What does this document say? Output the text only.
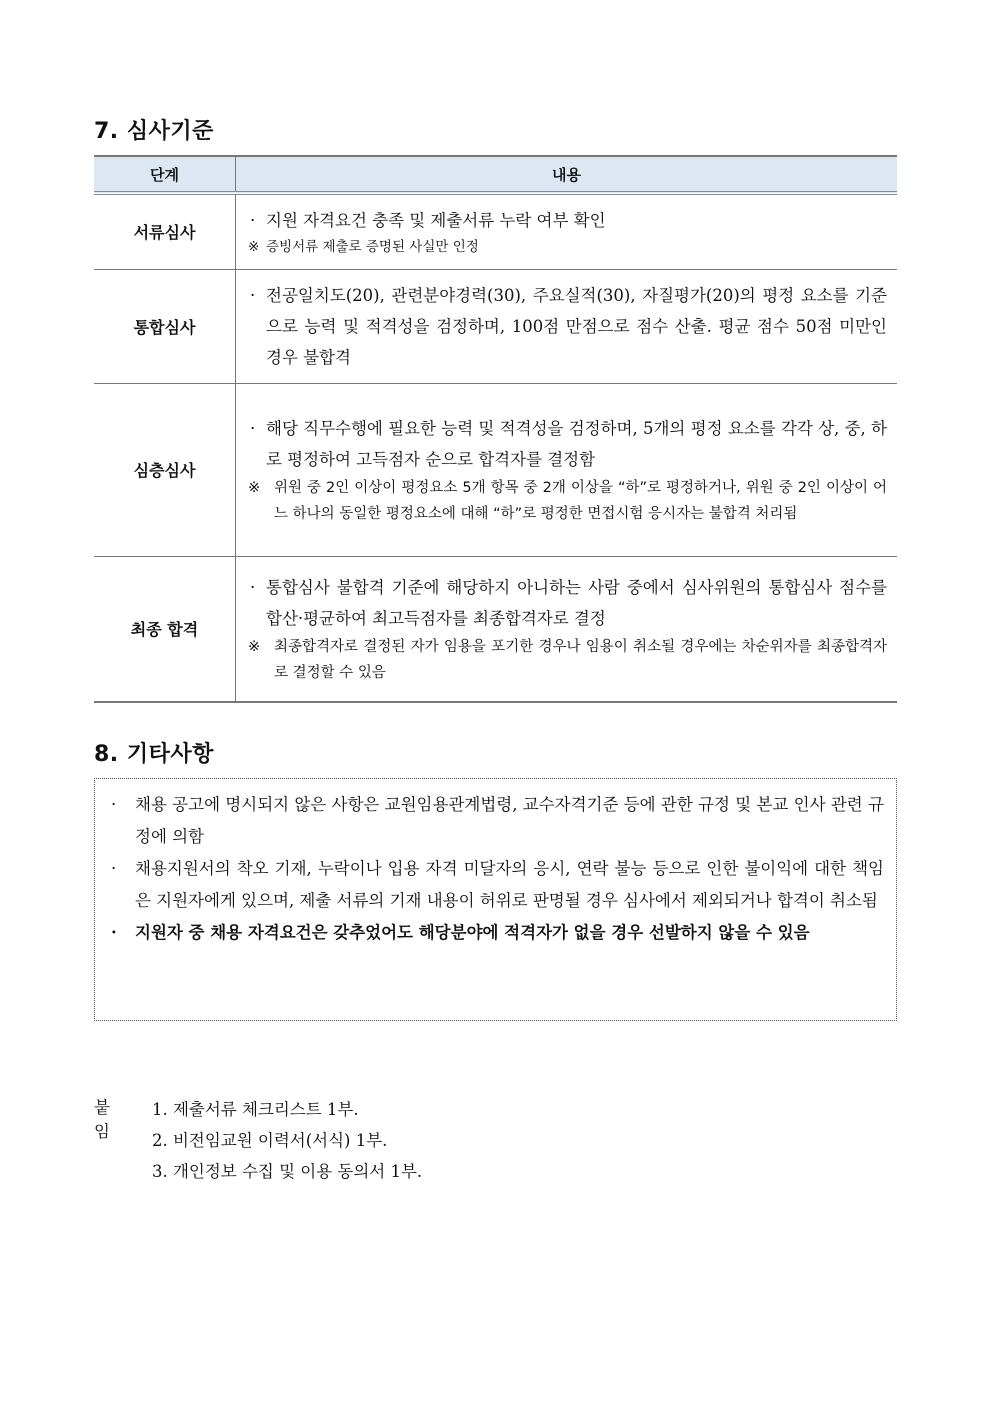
7. 심사기준
단계	내용
서류심사	· 지원 자격요건 충족 및 제출서류 누락 여부 확인
※ 증빙서류 제출로 증명된 사실만 인정

통합심사	· 전공일치도(20), 관련분야경력(30), 주요실적(30), 자질평가(20)의 평정 요소를 기준으로 능력 및 적격성을 검정하며, 100점 만점으로 점수 산출. 평균 점수 50점 미만인 경우 불합격

심층심사	· 해당 직무수행에 필요한 능력 및 적격성을 검정하며, 5개의 평정 요소를 각각 상, 중, 하로 평정하여 고득점자 순으로 합격자를 결정함
※ 위원 중 2인 이상이 평정요소 5개 항목 중 2개 이상을 “하”로 평정하거나, 위원 중 2인 이상이 어느 하나의 동일한 평정요소에 대해 “하”로 평정한 면접시험 응시자는 불합격 처리됨

최종 합격	· 통합심사 불합격 기준에 해당하지 아니하는 사람 중에서 심사위원의 통합심사 점수를 합산·평균하여 최고득점자를 최종합격자로 결정
※ 최종합격자로 결정된 자가 임용을 포기한 경우나 임용이 취소될 경우에는 차순위자를 최종합격자로 결정할 수 있음
8. 기타사항
· 채용 공고에 명시되지 않은 사항은 교원임용관계법령, 교수자격기준 등에 관한 규정 및 본교 인사 관련 규정에 의함
· 채용지원서의 착오 기재, 누락이나 입용 자격 미달자의 응시, 연락 불능 등으로 인한 불이익에 대한 책임은 지원자에게 있으며, 제출 서류의 기재 내용이 허위로 판명될 경우 심사에서 제외되거나 합격이 취소됨
· 지원자 중 채용 자격요건은 갖추었어도 해당분야에 적격자가 없을 경우 선발하지 않을 수 있음
붙임
1. 제출서류 체크리스트 1부.
2. 비전임교원 이력서(서식) 1부.
3. 개인정보 수집 및 이용 동의서 1부.
